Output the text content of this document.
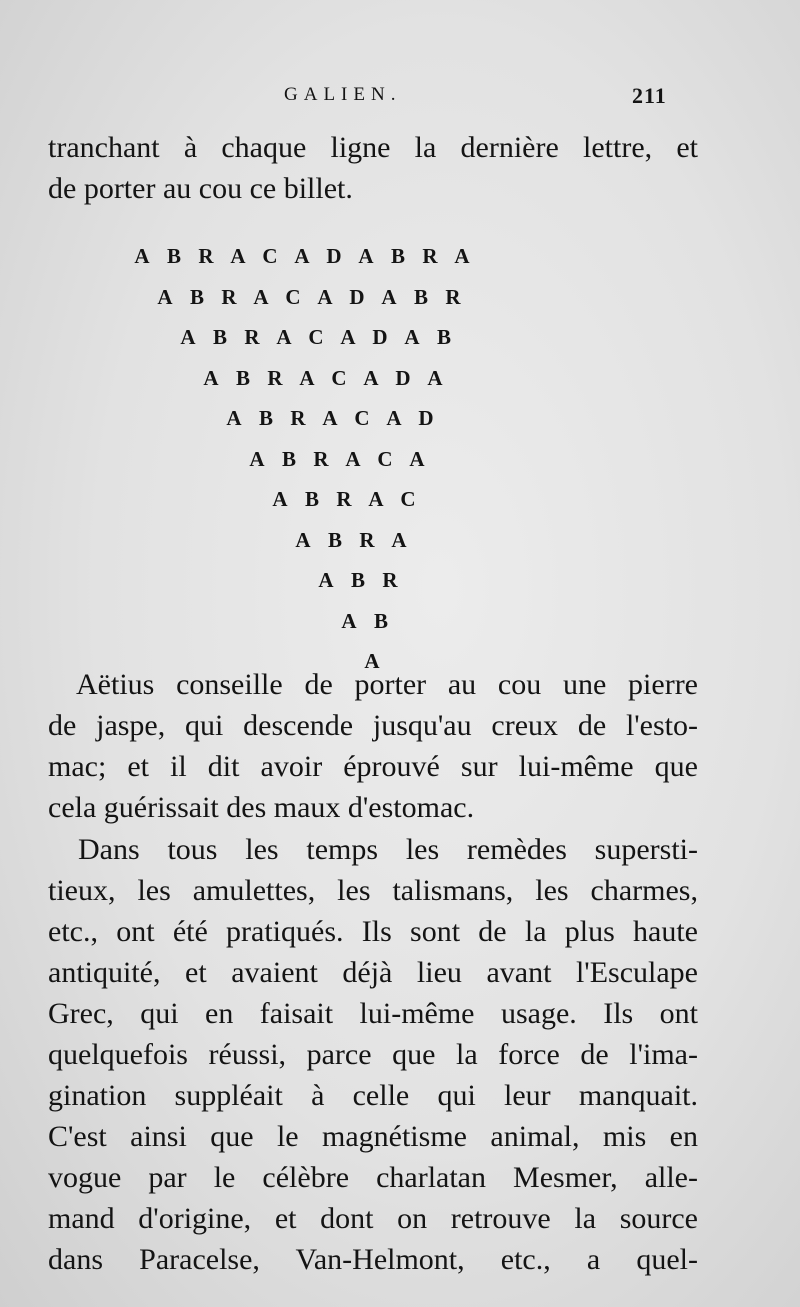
GALIEN.	211
tranchant à chaque ligne la dernière lettre, et
de porter au cou ce billet.
A B R A C A D A B R A
A B R A C A D A B R
A B R A C A D A B
A B R A C A D A
A B R A C A D
A B R A C A
A B R A C
A B R A
A B R
A B
A
Aëtius conseille de porter au cou une pierre
de jaspe, qui descende jusqu'au creux de l'esto-
mac; et il dit avoir éprouvé sur lui-même que
cela guérissait des maux d'estomac.
Dans tous les temps les remèdes supersti-
tieux, les amulettes, les talismans, les charmes,
etc., ont été pratiqués. Ils sont de la plus haute
antiquité, et avaient déjà lieu avant l'Esculape
Grec, qui en faisait lui-même usage. Ils ont
quelquefois réussi, parce que la force de l'ima-
gination suppléait à celle qui leur manquait.
C'est ainsi que le magnétisme animal, mis en
vogue par le célèbre charlatan Mesmer, alle-
mand d'origine, et dont on retrouve la source
dans Paracelse, Van-Helmont, etc., a quel-
